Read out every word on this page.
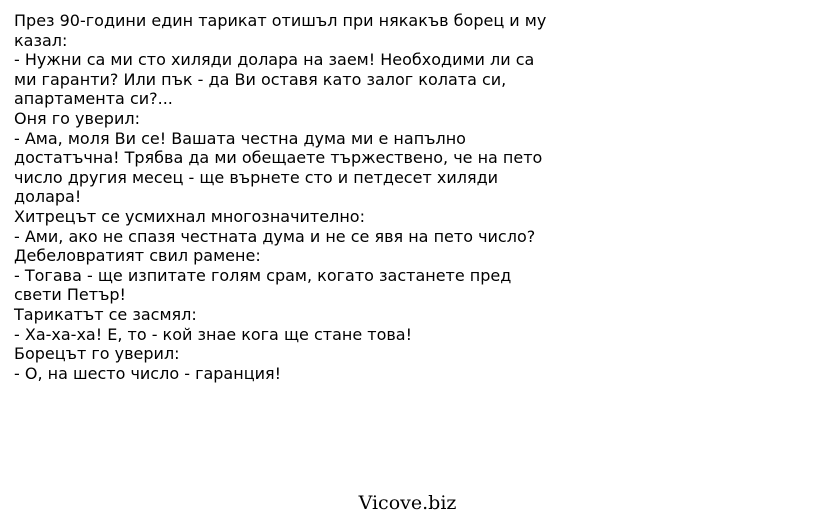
През 90-години един тарикат отишъл при някакъв борец и му
казал:
- Нужни са ми сто хиляди долара на заем! Необходими ли са
ми гаранти? Или пък - да Ви оставя като залог колата си,
апартамента си?...
Оня го уверил:
- Ама, моля Ви се! Вашата честна дума ми е напълно
достатъчна! Трябва да ми обещаете тържествено, че на пето
число другия месец - ще върнете сто и петдесет хиляди
долара!
Хитрецът се усмихнал многозначително:
- Ами, ако не спазя честната дума и не се явя на пето число?
Дебеловратият свил рамене:
- Тогава - ще изпитате голям срам, когато застанете пред
свети Петър!
Тарикатът се засмял:
- Ха-ха-ха! Е, то - кой знае кога ще стане това!
Борецът го уверил:
- О, на шесто число - гаранция!
Vicove.biz
